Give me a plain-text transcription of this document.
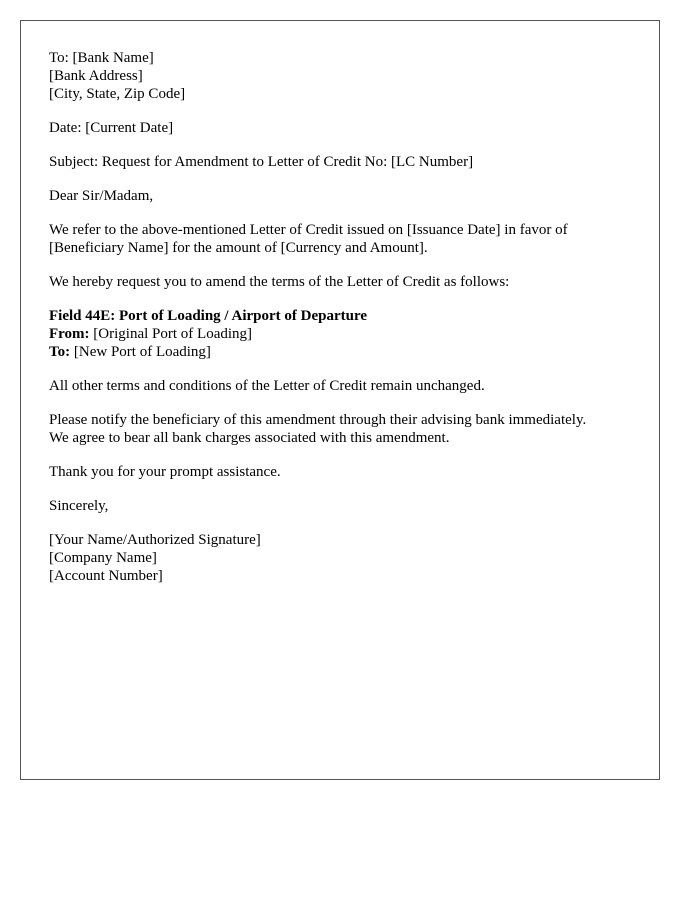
To: [Bank Name]
[Bank Address]
[City, State, Zip Code]
Date: [Current Date]
Subject: Request for Amendment to Letter of Credit No: [LC Number]
Dear Sir/Madam,
We refer to the above-mentioned Letter of Credit issued on [Issuance Date] in favor of
[Beneficiary Name] for the amount of [Currency and Amount].
We hereby request you to amend the terms of the Letter of Credit as follows:
Field 44E: Port of Loading / Airport of Departure
From: [Original Port of Loading]
To: [New Port of Loading]
All other terms and conditions of the Letter of Credit remain unchanged.
Please notify the beneficiary of this amendment through their advising bank immediately.
We agree to bear all bank charges associated with this amendment.
Thank you for your prompt assistance.
Sincerely,
[Your Name/Authorized Signature]
[Company Name]
[Account Number]
